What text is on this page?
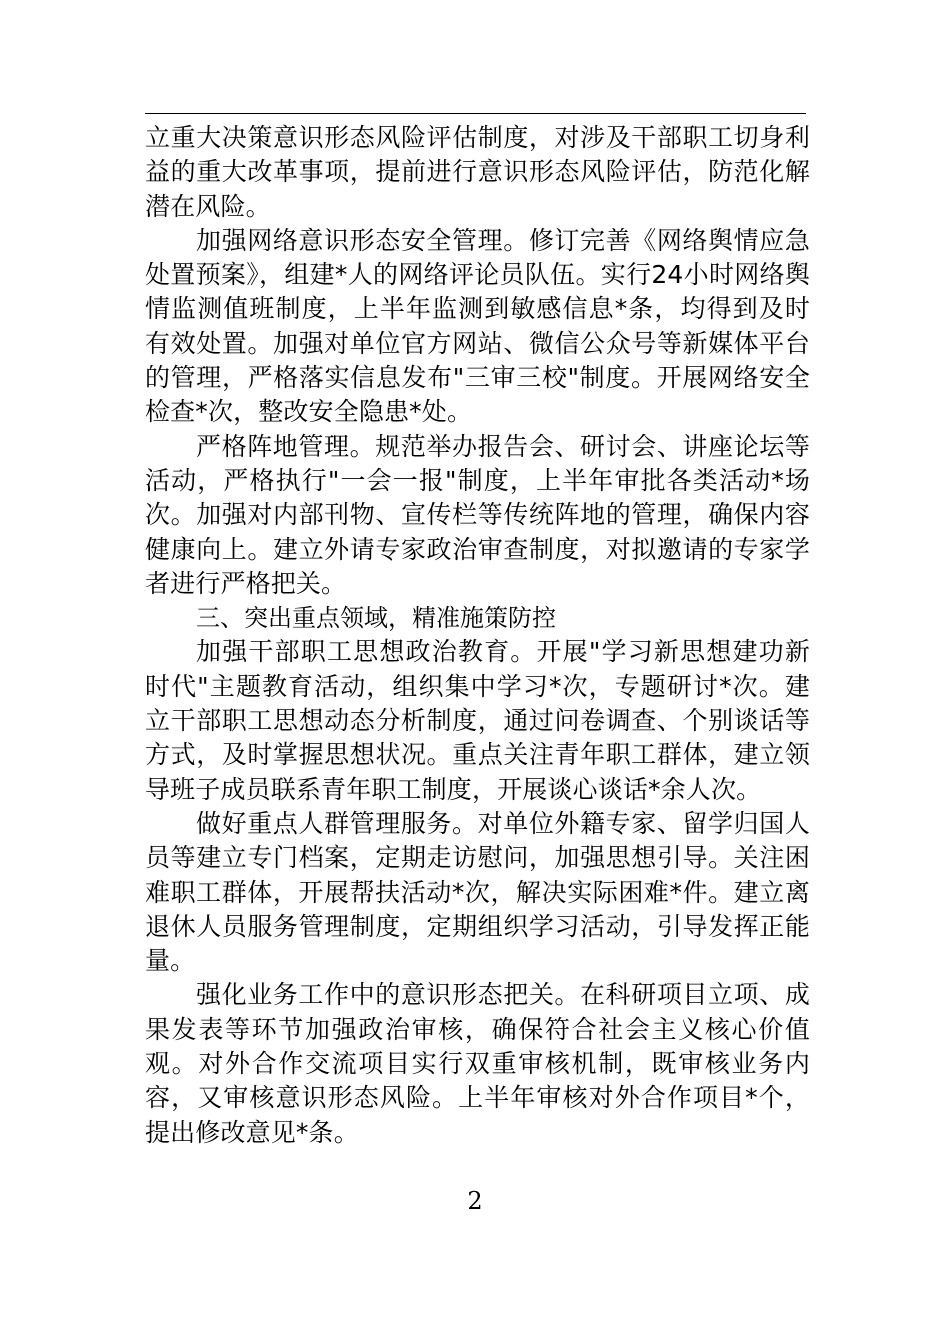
立重大决策意识形态风险评估制度，对涉及干部职工切身利益的重大改革事项，提前进行意识形态风险评估，防范化解潜在风险。

加强网络意识形态安全管理。修订完善《网络舆情应急处置预案》，组建*人的网络评论员队伍。实行24小时网络舆情监测值班制度，上半年监测到敏感信息*条，均得到及时有效处置。加强对单位官方网站、微信公众号等新媒体平台的管理，严格落实信息发布"三审三校"制度。开展网络安全检查*次，整改安全隐患*处。

严格阵地管理。规范举办报告会、研讨会、讲座论坛等活动，严格执行"一会一报"制度，上半年审批各类活动*场次。加强对内部刊物、宣传栏等传统阵地的管理，确保内容健康向上。建立外请专家政治审查制度，对拟邀请的专家学者进行严格把关。

三、突出重点领域，精准施策防控

加强干部职工思想政治教育。开展"学习新思想建功新时代"主题教育活动，组织集中学习*次，专题研讨*次。建立干部职工思想动态分析制度，通过问卷调查、个别谈话等方式，及时掌握思想状况。重点关注青年职工群体，建立领导班子成员联系青年职工制度，开展谈心谈话*余人次。

做好重点人群管理服务。对单位外籍专家、留学归国人员等建立专门档案，定期走访慰问，加强思想引导。关注困难职工群体，开展帮扶活动*次，解决实际困难*件。建立离退休人员服务管理制度，定期组织学习活动，引导发挥正能量。

强化业务工作中的意识形态把关。在科研项目立项、成果发表等环节加强政治审核，确保符合社会主义核心价值观。对外合作交流项目实行双重审核机制，既审核业务内容，又审核意识形态风险。上半年审核对外合作项目*个，提出修改意见*条。

2
